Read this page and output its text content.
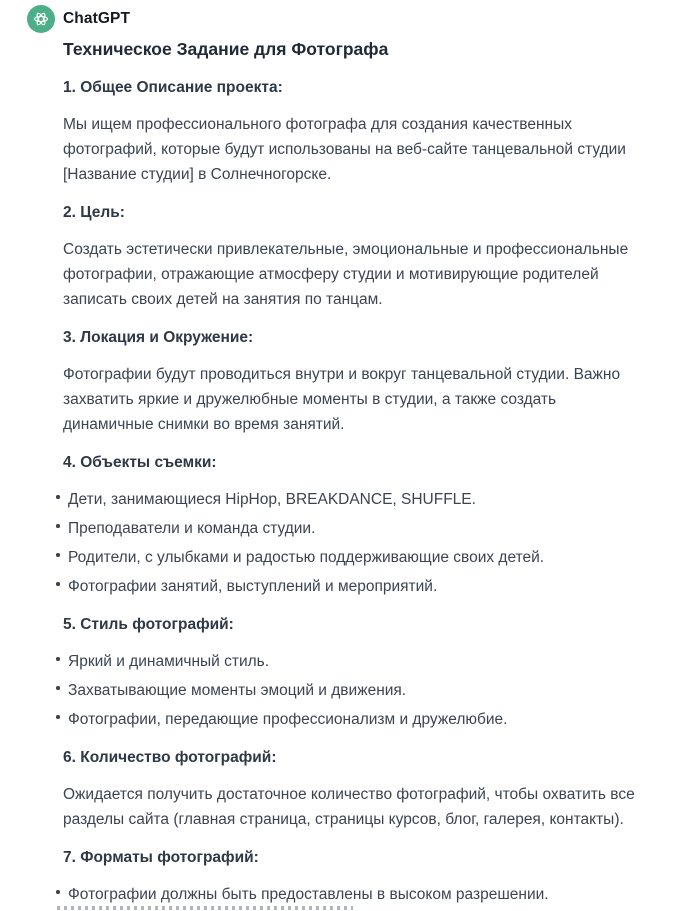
ChatGPT
Техническое Задание для Фотографа
1. Общее Описание проекта:
Мы ищем профессионального фотографа для создания качественных
фотографий, которые будут использованы на веб-сайте танцевальной студии
[Название студии] в Солнечногорске.
2. Цель:
Создать эстетически привлекательные, эмоциональные и профессиональные
фотографии, отражающие атмосферу студии и мотивирующие родителей
записать своих детей на занятия по танцам.
3. Локация и Окружение:
Фотографии будут проводиться внутри и вокруг танцевальной студии. Важно
захватить яркие и дружелюбные моменты в студии, а также создать
динамичные снимки во время занятий.
4. Объекты съемки:
Дети, занимающиеся HipHop, BREAKDANCE, SHUFFLE.
Преподаватели и команда студии.
Родители, с улыбками и радостью поддерживающие своих детей.
Фотографии занятий, выступлений и мероприятий.
5. Стиль фотографий:
Яркий и динамичный стиль.
Захватывающие моменты эмоций и движения.
Фотографии, передающие профессионализм и дружелюбие.
6. Количество фотографий:
Ожидается получить достаточное количество фотографий, чтобы охватить все
разделы сайта (главная страница, страницы курсов, блог, галерея, контакты).
7. Форматы фотографий:
Фотографии должны быть предоставлены в высоком разрешении.
